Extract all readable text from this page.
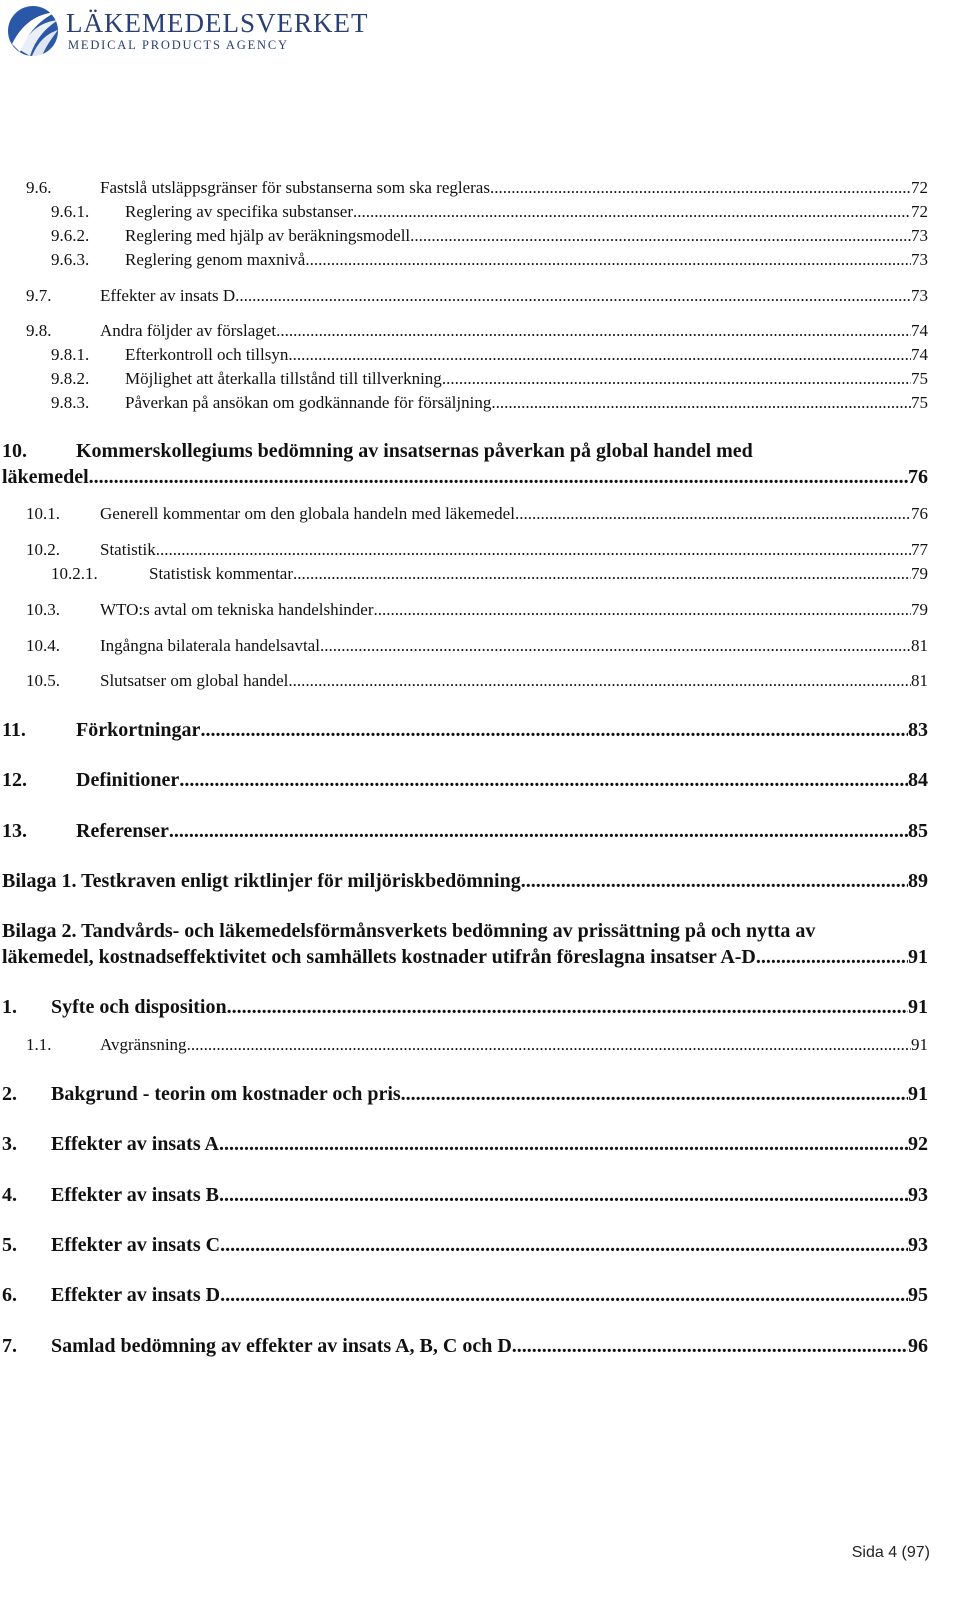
LÄKEMEDELSVERKET
MEDICAL PRODUCTS AGENCY
9.6.	Fastslå utsläppsgränser för substanserna som ska regleras .....	72
9.6.1.	Reglering av specifika substanser .....	72
9.6.2.	Reglering med hjälp av beräkningsmodell .....	73
9.6.3.	Reglering genom maxnivå .....	73
9.7.	Effekter av insats D .....	73
9.8.	Andra följder av förslaget .....	74
9.8.1.	Efterkontroll och tillsyn .....	74
9.8.2.	Möjlighet att återkalla tillstånd till tillverkning .....	75
9.8.3.	Påverkan på ansökan om godkännande för försäljning .....	75
10. Kommerskollegiums bedömning av insatsernas påverkan på global handel med
läkemedel .....	76
10.1.	Generell kommentar om den globala handeln med läkemedel .....	76
10.2.	Statistik .....	77
10.2.1.	Statistisk kommentar .....	79
10.3.	WTO:s avtal om tekniska handelshinder .....	79
10.4.	Ingångna bilaterala handelsavtal .....	81
10.5.	Slutsatser om global handel .....	81
11.	Förkortningar .....	83
12.	Definitioner .....	84
13.	Referenser .....	85
Bilaga 1. Testkraven enligt riktlinjer för miljöriskbedömning .....	89
Bilaga 2. Tandvårds- och läkemedelsförmånsverkets bedömning av prissättning på och nytta av
läkemedel, kostnadseffektivitet och samhällets kostnader utifrån föreslagna insatser A-D .....	91
1.	Syfte och disposition .....	91
1.1.	Avgränsning .....	91
2.	Bakgrund - teorin om kostnader och pris .....	91
3.	Effekter av insats A .....	92
4.	Effekter av insats B .....	93
5.	Effekter av insats C .....	93
6.	Effekter av insats D .....	95
7.	Samlad bedömning av effekter av insats A, B, C och D .....	96
Sida 4 (97)
